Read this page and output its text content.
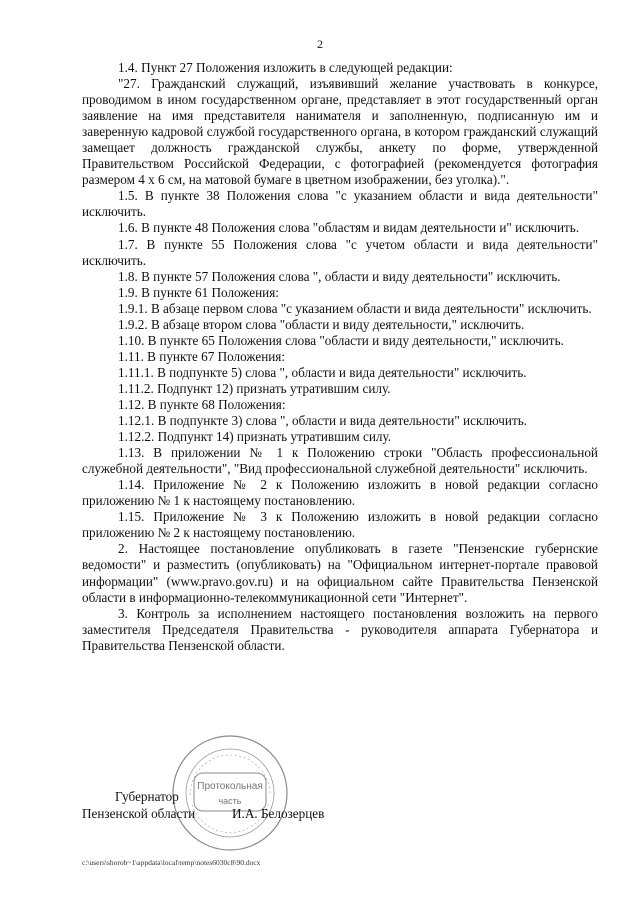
2

1.4. Пункт 27 Положения изложить в следующей редакции:

"27. Гражданский служащий, изъявивший желание участвовать в конкурсе, проводимом в ином государственном органе, представляет в этот государственный орган заявление на имя представителя нанимателя и заполненную, подписанную им и заверенную кадровой службой государственного органа, в котором гражданский служащий замещает должность гражданской службы, анкету по форме, утвержденной Правительством Российской Федерации, с фотографией (рекомендуется фотография размером 4 х 6 см, на матовой бумаге в цветном изображении, без уголка).".

1.5. В пункте 38 Положения слова "с указанием области и вида деятельности" исключить.

1.6. В пункте 48 Положения слова "областям и видам деятельности и" исключить.

1.7. В пункте 55 Положения слова "с учетом области и вида деятельности" исключить.

1.8. В пункте 57 Положения слова ", области и виду деятельности" исключить.

1.9. В пункте 61 Положения:

1.9.1. В абзаце первом слова "с указанием области и вида деятельности" исключить.

1.9.2. В абзаце втором слова "области и виду деятельности," исключить.

1.10. В пункте 65 Положения слова "области и виду деятельности," исключить.

1.11. В пункте 67 Положения:

1.11.1. В подпункте 5) слова ", области и вида деятельности" исключить.

1.11.2. Подпункт 12) признать утратившим силу.

1.12. В пункте 68 Положения:

1.12.1. В подпункте 3) слова ", области и вида деятельности" исключить.

1.12.2. Подпункт 14) признать утратившим силу.

1.13. В приложении № 1 к Положению строки "Область профессиональной служебной деятельности", "Вид профессиональной служебной деятельности" исключить.

1.14. Приложение № 2 к Положению изложить в новой редакции согласно приложению № 1 к настоящему постановлению.

1.15. Приложение № 3 к Положению изложить в новой редакции согласно приложению № 2 к настоящему постановлению.

2. Настоящее постановление опубликовать в газете "Пензенские губернские ведомости" и разместить (опубликовать) на "Официальном интернет-портале правовой информации" (www.pravo.gov.ru) и на официальном сайте Правительства Пензенской области в информационно-телекоммуникационной сети "Интернет".

3. Контроль за исполнением настоящего постановления возложить на первого заместителя Председателя Правительства - руководителя аппарата Губернатора и Правительства Пензенской области.

Протокольная
часть
Губернатор
Пензенской области	И.А. Белозерцев
c:\users\shorob~1\appdata\local\temp\notes6030c8\90.docx
